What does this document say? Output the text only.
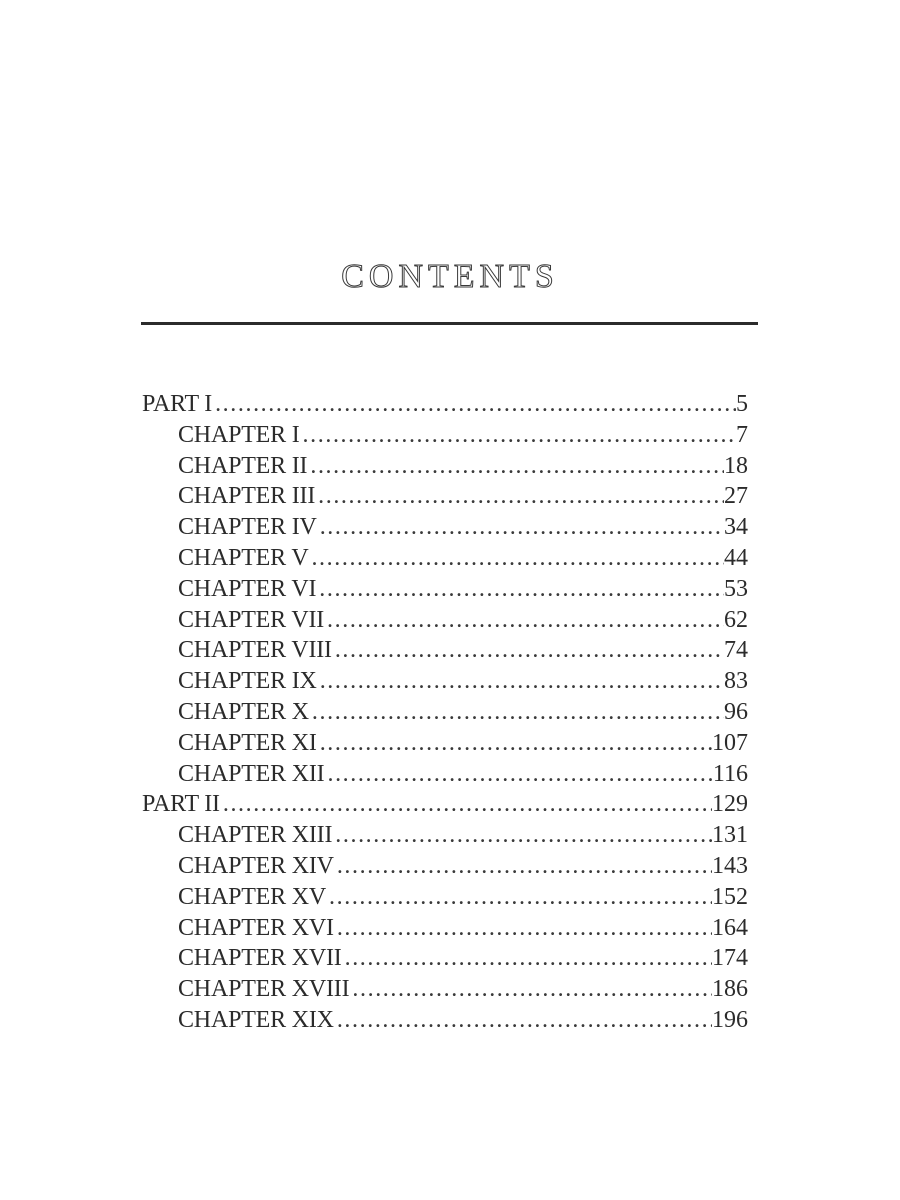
CONTENTS
PART I . . .	5
CHAPTER I . . .	7
CHAPTER II . . .	18
CHAPTER III . . .	27
CHAPTER IV . . .	34
CHAPTER V . . .	44
CHAPTER VI . . .	53
CHAPTER VII . . .	62
CHAPTER VIII . . .	74
CHAPTER IX . . .	83
CHAPTER X . . .	96
CHAPTER XI . . .	107
CHAPTER XII . . .	116
PART II . . .	129
CHAPTER XIII . . .	131
CHAPTER XIV . . .	143
CHAPTER XV . . .	152
CHAPTER XVI . . .	164
CHAPTER XVII . . .	174
CHAPTER XVIII . . .	186
CHAPTER XIX . . .	196
